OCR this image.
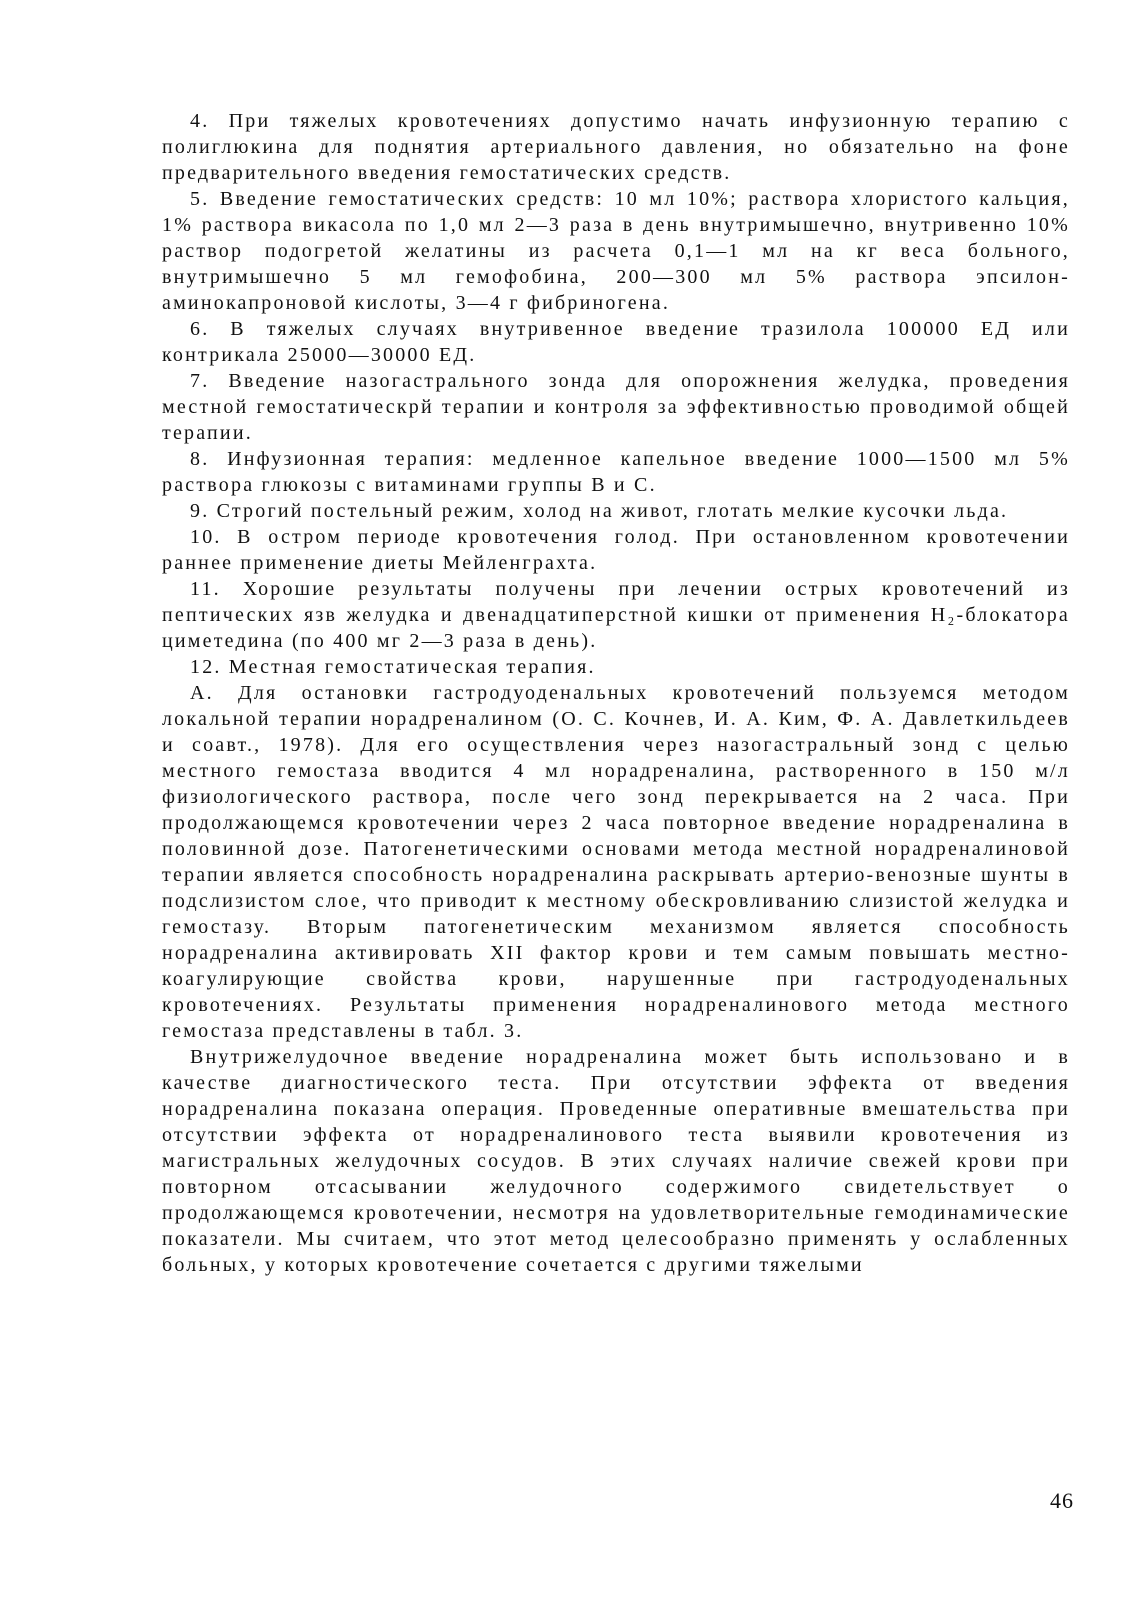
4. При тяжелых кровотечениях допустимо начать инфузионную терапию с полиглюкина для поднятия артериального давления, но обязательно на фоне предварительного введения гемостатических средств.

5. Введение гемостатических средств: 10 мл 10%; раствора хлористого кальция, 1% раствора викасола по 1,0 мл 2—3 раза в день внутримышечно, внутривенно 10% раствор подогретой желатины из расчета 0,1—1 мл на кг веса больного, внутримышечно 5 мл гемофобина, 200—300 мл 5% раствора эпсилон-аминокапроновой кислоты, 3—4 г фибриногена.

6. В тяжелых случаях внутривенное введение тразилола 100000 ЕД или контрикала 25000—30000 ЕД.

7. Введение назогастрального зонда для опорожнения желудка, проведения местной гемостатическрй терапии и контроля за эффективностью проводимой общей терапии.

8. Инфузионная терапия: медленное капельное введение 1000—1500 мл 5% раствора глюкозы с витаминами группы В и С.

9. Строгий постельный режим, холод на живот, глотать мелкие кусочки льда.

10. В остром периоде кровотечения голод. При остановленном кровотечении раннее применение диеты Мейленграхта.

11. Хорошие результаты получены при лечении острых кровотечений из пептических язв желудка и двенадцатиперстной кишки от применения H₂-блокатора циметедина (по 400 мг 2—3 раза в день).

12. Местная гемостатическая терапия.

А. Для остановки гастродуоденальных кровотечений пользуемся методом локальной терапии норадреналином (О. С. Кочнев, И. А. Ким, Ф. А. Давлеткильдеев и соавт., 1978). Для его осуществления через назогастральный зонд с целью местного гемостаза вводится 4 мл норадреналина, растворенного в 150 м/л физиологического раствора, после чего зонд перекрывается на 2 часа. При продолжающемся кровотечении через 2 часа повторное введение норадреналина в половинной дозе. Патогенетическими основами метода местной норадреналиновой терапии является способность норадреналина раскрывать артерио-венозные шунты в подслизистом слое, что приводит к местному обескровливанию слизистой желудка и гемостазу. Вторым патогенетическим механизмом является способность норадреналина активировать XII фактор крови и тем самым повышать местно-коагулирующие свойства крови, нарушенные при гастродуоденальных кровотечениях. Результаты применения норадреналинового метода местного гемостаза представлены в табл. 3.

Внутрижелудочное введение норадреналина может быть использовано и в качестве диагностического теста. При отсутствии эффекта от введения норадреналина показана операция. Проведенные оперативные вмешательства при отсутствии эффекта от норадреналинового теста выявили кровотечения из магистральных желудочных сосудов. В этих случаях наличие свежей крови при повторном отсасывании желудочного содержимого свидетельствует о продолжающемся кровотечении, несмотря на удовлетворительные гемодинамические показатели. Мы считаем, что этот метод целесообразно применять у ослабленных больных, у которых кровотечение сочетается с другими тяжелыми

46
